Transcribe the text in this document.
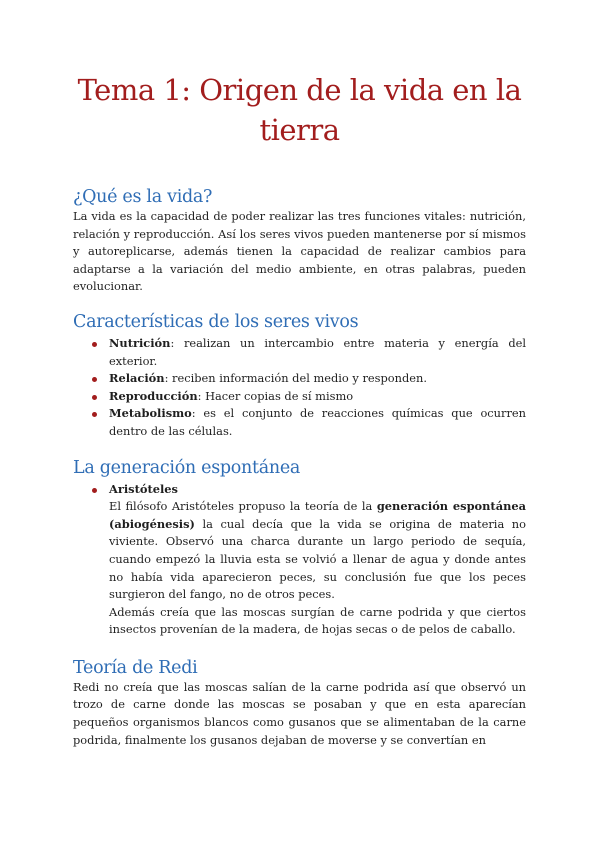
Tema 1: Origen de la vida en la
tierra
¿Qué es la vida?

La vida es la capacidad de poder realizar las tres funciones vitales: nutrición, relación y reproducción. Así los seres vivos pueden mantenerse por sí mismos y autoreplicarse, además tienen la capacidad de realizar cambios para adaptarse a la variación del medio ambiente, en otras palabras, pueden evolucionar.

Características de los seres vivos
Nutrición: realizan un intercambio entre materia y energía del exterior.
Relación: reciben información del medio y responden.
Reproducción: Hacer copias de sí mismo
Metabolismo: es el conjunto de reacciones químicas que ocurren dentro de las células.
La generación espontánea
Aristóteles

El filósofo Aristóteles propuso la teoría de la generación espontánea (abiogénesis) la cual decía que la vida se origina de materia no viviente. Observó una charca durante un largo periodo de sequía, cuando empezó la lluvia esta se volvió a llenar de agua y donde antes no había vida aparecieron peces, su conclusión fue que los peces surgieron del fango, no de otros peces.

Además creía que las moscas surgían de carne podrida y que ciertos insectos provenían de la madera, de hojas secas o de pelos de caballo.

Teoría de Redi

Redi no creía que las moscas salían de la carne podrida así que observó un trozo de carne donde las moscas se posaban y que en esta aparecían pequeños organismos blancos como gusanos que se alimentaban de la carne podrida, finalmente los gusanos dejaban de moverse y se convertían en
